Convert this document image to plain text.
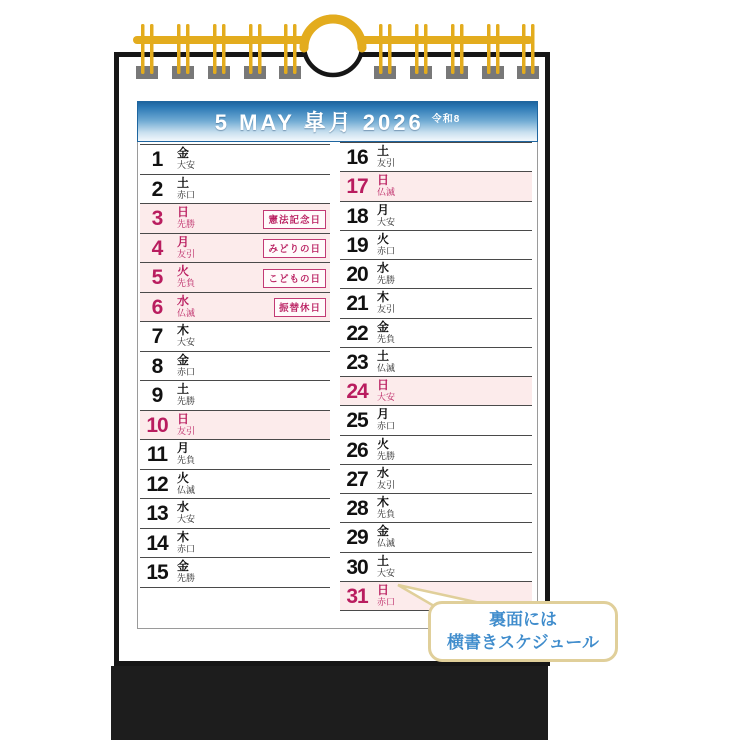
5 MAY 皐月 2026 令和8
1	金
大安
2	土
赤口
3	日
先勝	憲法記念日
4	月
友引	みどりの日
5	火
先負	こどもの日
6	水
仏滅	振替休日
7	木
大安
8	金
赤口
9	土
先勝
10 日
友引
11 月
先負
12 火
仏滅
13 水
大安
14 木
赤口
15 金
先勝
16 土
友引
17 日
仏滅
18 月
大安
19 火
赤口
20 水
先勝
21 木
友引
22 金
先負
23 土
仏滅
24 日
大安
25 月
赤口
26 火
先勝
27 水
友引
28 木
先負
29 金
仏滅
30 土
大安
31 日
赤口
裏面には
横書きスケジュール
